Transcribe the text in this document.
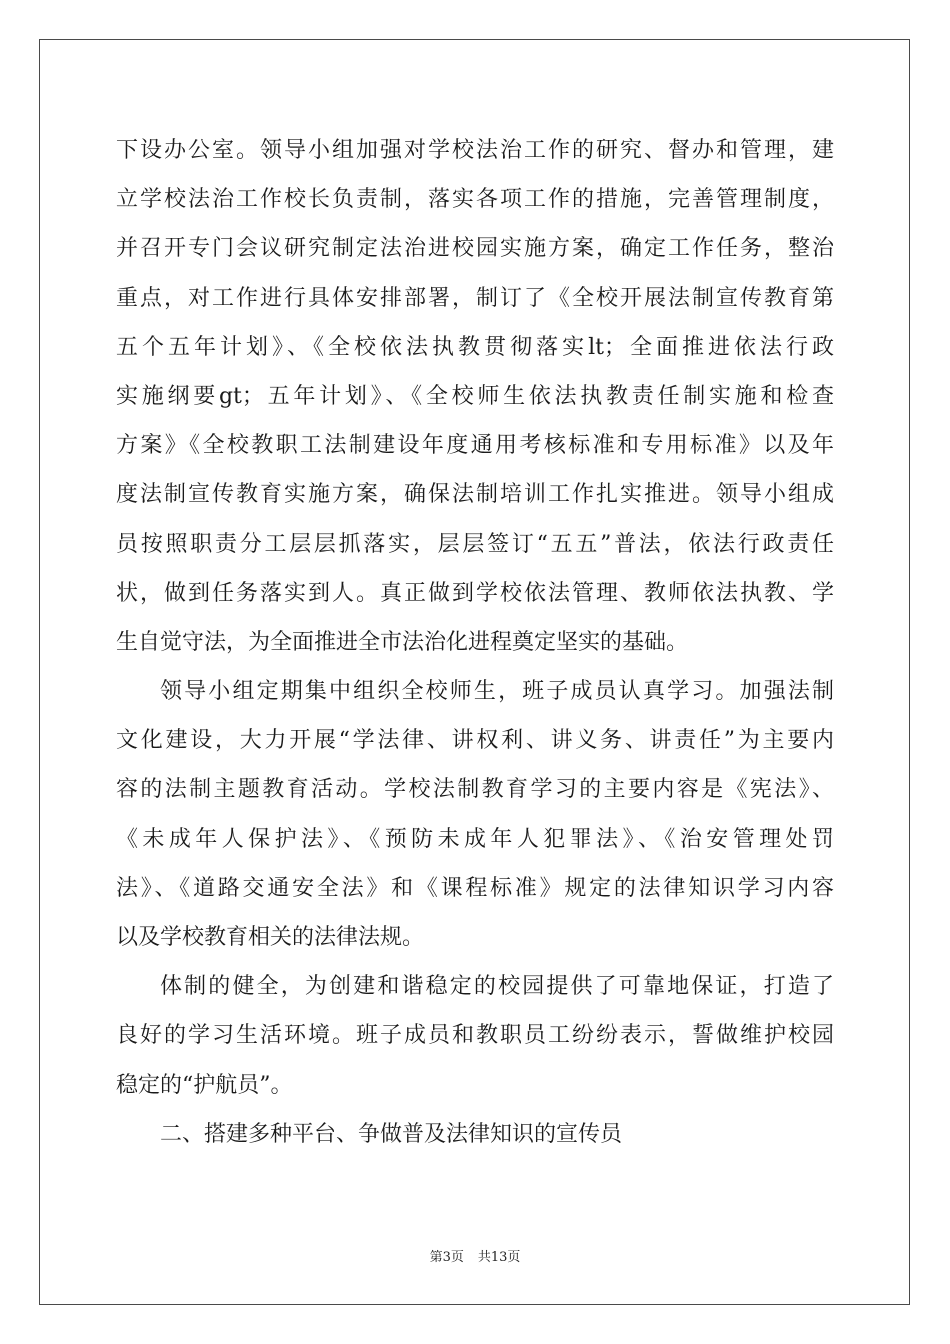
下设办公室。领导小组加强对学校法治工作的研究、督办和管理，建
立学校法治工作校长负责制，落实各项工作的措施，完善管理制度，
并召开专门会议研究制定法治进校园实施方案，确定工作任务，整治
重点，对工作进行具体安排部署，制订了《全校开展法制宣传教育第
五个五年计划》、《全校依法执教贯彻落实lt；全面推进依法行政
实施纲要gt；五年计划》、《全校师生依法执教责任制实施和检查
方案》《全校教职工法制建设年度通用考核标准和专用标准》以及年
度法制宣传教育实施方案，确保法制培训工作扎实推进。领导小组成
员按照职责分工层层抓落实，层层签订“五五”普法，依法行政责任
状，做到任务落实到人。真正做到学校依法管理、教师依法执教、学
生自觉守法，为全面推进全市法治化进程奠定坚实的基础。
领导小组定期集中组织全校师生，班子成员认真学习。加强法制
文化建设，大力开展“学法律、讲权利、讲义务、讲责任”为主要内
容的法制主题教育活动。学校法制教育学习的主要内容是《宪法》、
《未成年人保护法》、《预防未成年人犯罪法》、《治安管理处罚
法》、《道路交通安全法》和《课程标准》规定的法律知识学习内容
以及学校教育相关的法律法规。
体制的健全，为创建和谐稳定的校园提供了可靠地保证，打造了
良好的学习生活环境。班子成员和教职员工纷纷表示，誓做维护校园
稳定的“护航员”。
二、搭建多种平台、争做普及法律知识的宣传员
第3页 共13页
